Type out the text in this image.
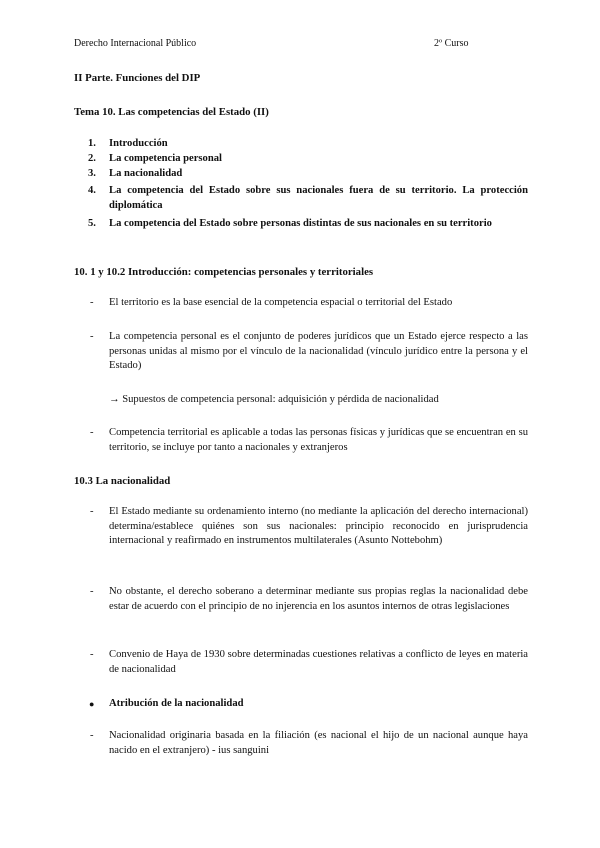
Derecho Internacional Público	2º Curso
II Parte. Funciones del DIP
Tema 10. Las competencias del Estado (II)
1. Introducción
2. La competencia personal
3. La nacionalidad
4. La competencia del Estado sobre sus nacionales fuera de su territorio. La protección diplomática
5. La competencia del Estado sobre personas distintas de sus nacionales en su territorio
10. 1 y 10.2 Introducción: competencias personales y territoriales
- El territorio es la base esencial de la competencia espacial o territorial del Estado
- La competencia personal es el conjunto de poderes jurídicos que un Estado ejerce respecto a las personas unidas al mismo por el vínculo de la nacionalidad (vínculo jurídico entre la persona y el Estado)
→ Supuestos de competencia personal: adquisición y pérdida de nacionalidad
- Competencia territorial es aplicable a todas las personas físicas y jurídicas que se encuentran en su territorio, se incluye por tanto a nacionales y extranjeros
10.3 La nacionalidad
- El Estado mediante su ordenamiento interno (no mediante la aplicación del derecho internacional) determina/establece quiénes son sus nacionales: principio reconocido en jurisprudencia internacional y reafirmado en instrumentos multilaterales (Asunto Nottebohm)
- No obstante, el derecho soberano a determinar mediante sus propias reglas la nacionalidad debe estar de acuerdo con el principio de no injerencia en los asuntos internos de otras legislaciones
- Convenio de Haya de 1930 sobre determinadas cuestiones relativas a conflicto de leyes en materia de nacionalidad
● Atribución de la nacionalidad
- Nacionalidad originaria basada en la filiación (es nacional el hijo de un nacional aunque haya nacido en el extranjero) - ius sanguini
